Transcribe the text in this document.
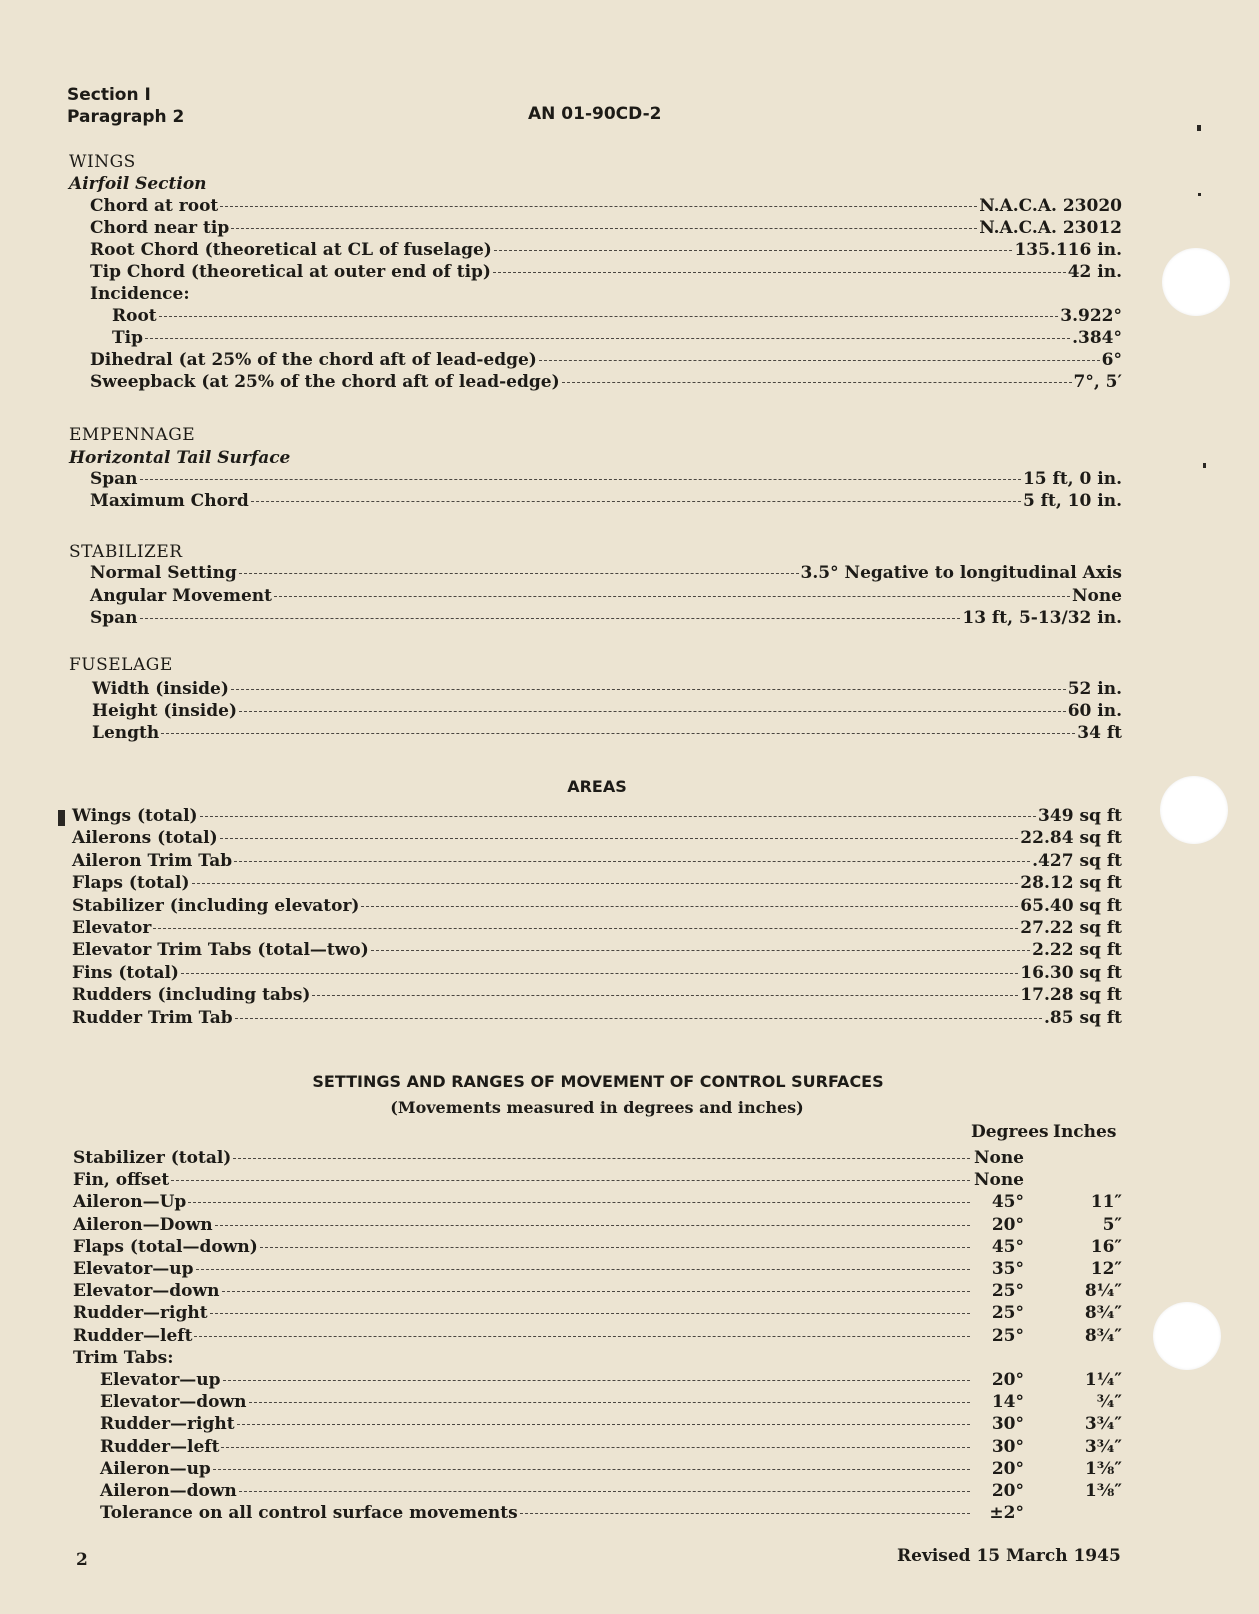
Section I
Paragraph 2	AN 01-90CD-2
WINGS
Airfoil Section
Chord at root	N.A.C.A. 23020
Chord near tip	N.A.C.A. 23012
Root Chord (theoretical at CL of fuselage)	135.116 in.
Tip Chord (theoretical at outer end of tip)	42 in.
Incidence:
Root	3.922°
Tip	.384°
Dihedral (at 25% of the chord aft of lead-edge)	6°
Sweepback (at 25% of the chord aft of lead-edge)	7°, 5′
EMPENNAGE
Horizontal Tail Surface
Span	15 ft, 0 in.
Maximum Chord	5 ft, 10 in.
STABILIZER
Normal Setting	3.5° Negative to longitudinal Axis
Angular Movement	None
Span	13 ft, 5-13/32 in.
FUSELAGE
Width (inside)	52 in.
Height (inside)	60 in.
Length	34 ft
AREAS
Wings (total)	349 sq ft
Ailerons (total)	22.84 sq ft
Aileron Trim Tab	.427 sq ft
Flaps (total)	28.12 sq ft
Stabilizer (including elevator)	65.40 sq ft
Elevator	27.22 sq ft
Elevator Trim Tabs (total—two)	2.22 sq ft
Fins (total)	16.30 sq ft
Rudders (including tabs)	17.28 sq ft
Rudder Trim Tab	.85 sq ft
SETTINGS AND RANGES OF MOVEMENT OF CONTROL SURFACES
(Movements measured in degrees and inches)
Degrees Inches
Stabilizer (total)	None
Fin, offset	None
Aileron—Up	45°	11″
Aileron—Down	20°	5″
Flaps (total—down)	45°	16″
Elevator—up	35°	12″
Elevator—down	25°	8¼″
Rudder—right	25°	8¾″
Rudder—left	25°	8¾″
Trim Tabs:
Elevator—up	20°	1¼″
Elevator—down	14°	¾″
Rudder—right	30°	3¾″
Rudder—left	30°	3¾″
Aileron—up	20°	1⅜″
Aileron—down	20°	1⅜″
Tolerance on all control surface movements	±2°
2	Revised 15 March 1945
